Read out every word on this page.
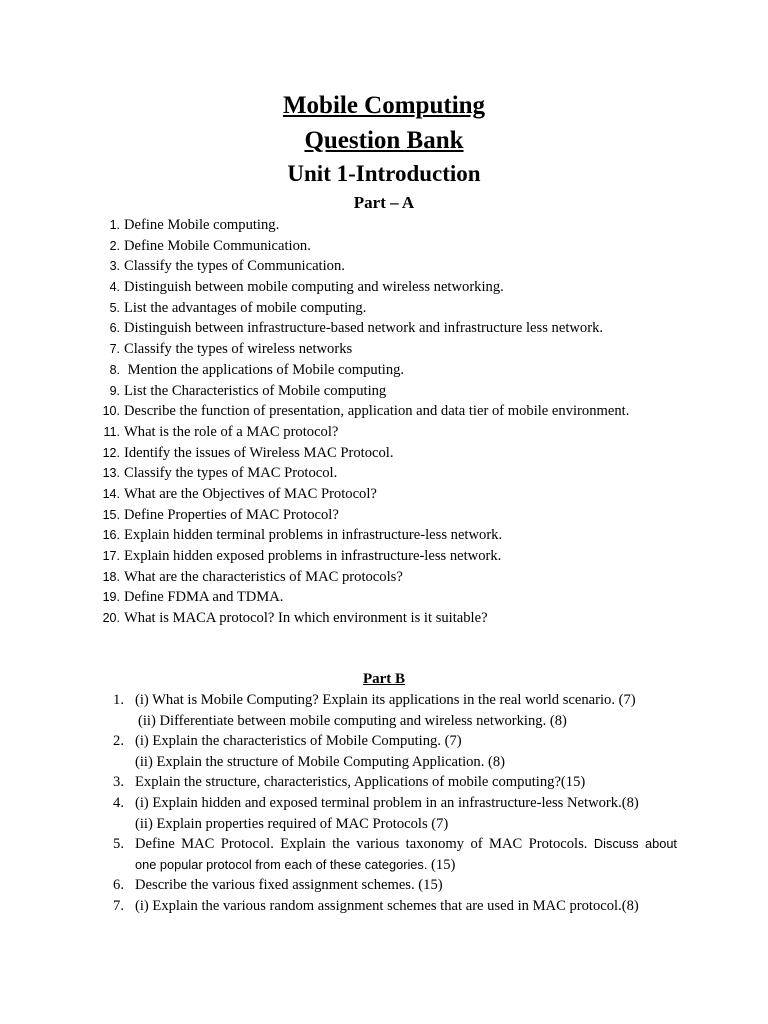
Mobile Computing
Question Bank
Unit 1-Introduction
Part – A
1. Define Mobile computing.
2. Define Mobile Communication.
3. Classify the types of Communication.
4. Distinguish between mobile computing and wireless networking.
5. List the advantages of mobile computing.
6. Distinguish between infrastructure-based network and infrastructure less network.
7. Classify the types of wireless networks
8. Mention the applications of Mobile computing.
9. List the Characteristics of Mobile computing
10. Describe the function of presentation, application and data tier of mobile environment.
11. What is the role of a MAC protocol?
12. Identify the issues of Wireless MAC Protocol.
13. Classify the types of MAC Protocol.
14. What are the Objectives of MAC Protocol?
15. Define Properties of MAC Protocol?
16. Explain hidden terminal problems in infrastructure-less network.
17. Explain hidden exposed problems in infrastructure-less network.
18. What are the characteristics of MAC protocols?
19. Define FDMA and TDMA.
20. What is MACA protocol? In which environment is it suitable?
Part B
1. (i) What is Mobile Computing? Explain its applications in the real world scenario. (7)
(ii) Differentiate between mobile computing and wireless networking. (8)
2. (i) Explain the characteristics of Mobile Computing. (7)
(ii) Explain the structure of Mobile Computing Application. (8)
3. Explain the structure, characteristics, Applications of mobile computing?(15)
4. (i) Explain hidden and exposed terminal problem in an infrastructure-less Network.(8)
(ii) Explain properties required of MAC Protocols (7)
5. Define MAC Protocol. Explain the various taxonomy of MAC Protocols. Discuss about
one popular protocol from each of these categories. (15)
6. Describe the various fixed assignment schemes. (15)
7. (i) Explain the various random assignment schemes that are used in MAC protocol.(8)
